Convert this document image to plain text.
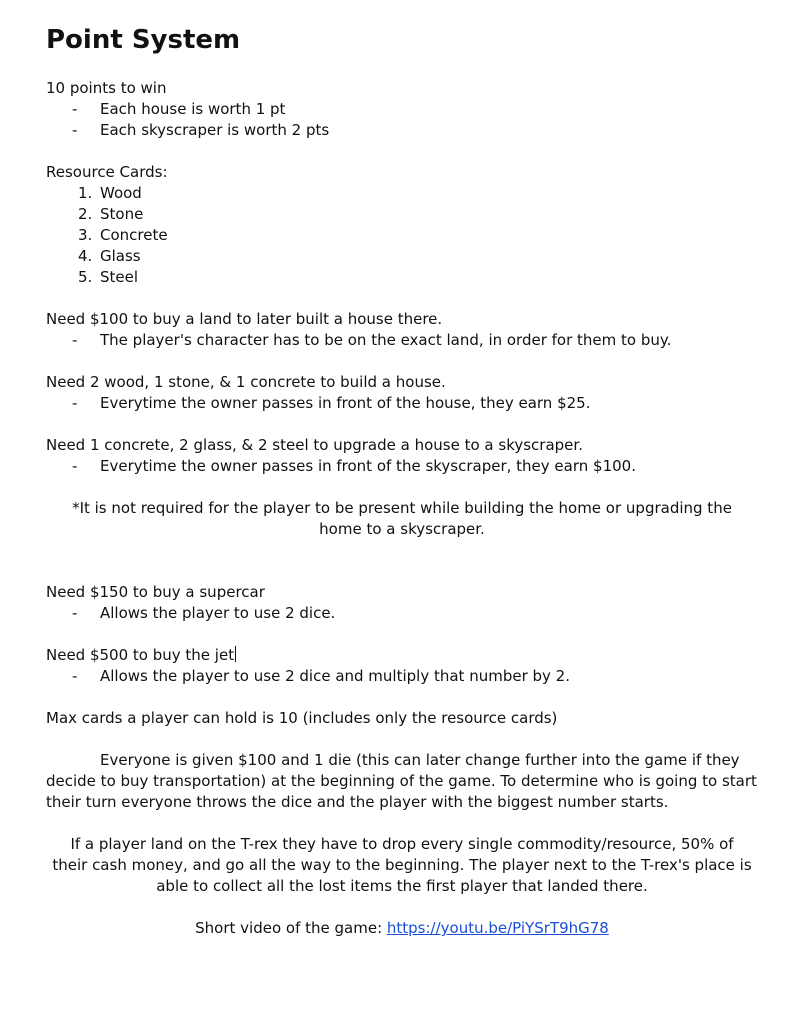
Point System

10 points to win

- Each house is worth 1 pt
- Each skyscraper is worth 2 pts

Resource Cards:

1. Wood
2. Stone
3. Concrete
4. Glass
5. Steel

Need $100 to buy a land to later built a house there.

- The player's character has to be on the exact land, in order for them to buy.

Need 2 wood, 1 stone, & 1 concrete to build a house.

- Everytime the owner passes in front of the house, they earn $25.

Need 1 concrete, 2 glass, & 2 steel to upgrade a house to a skyscraper.

- Everytime the owner passes in front of the skyscraper, they earn $100.

*It is not required for the player to be present while building the home or upgrading the home to a skyscraper.

Need $150 to buy a supercar

- Allows the player to use 2 dice.

Need $500 to buy the jet

- Allows the player to use 2 dice and multiply that number by 2.

Max cards a player can hold is 10 (includes only the resource cards)

Everyone is given $100 and 1 die (this can later change further into the game if they decide to buy transportation) at the beginning of the game. To determine who is going to start their turn everyone throws the dice and the player with the biggest number starts.

If a player land on the T-rex they have to drop every single commodity/resource, 50% of their cash money, and go all the way to the beginning. The player next to the T-rex's place is able to collect all the lost items the first player that landed there.

Short video of the game: https://youtu.be/PiYSrT9hG78
